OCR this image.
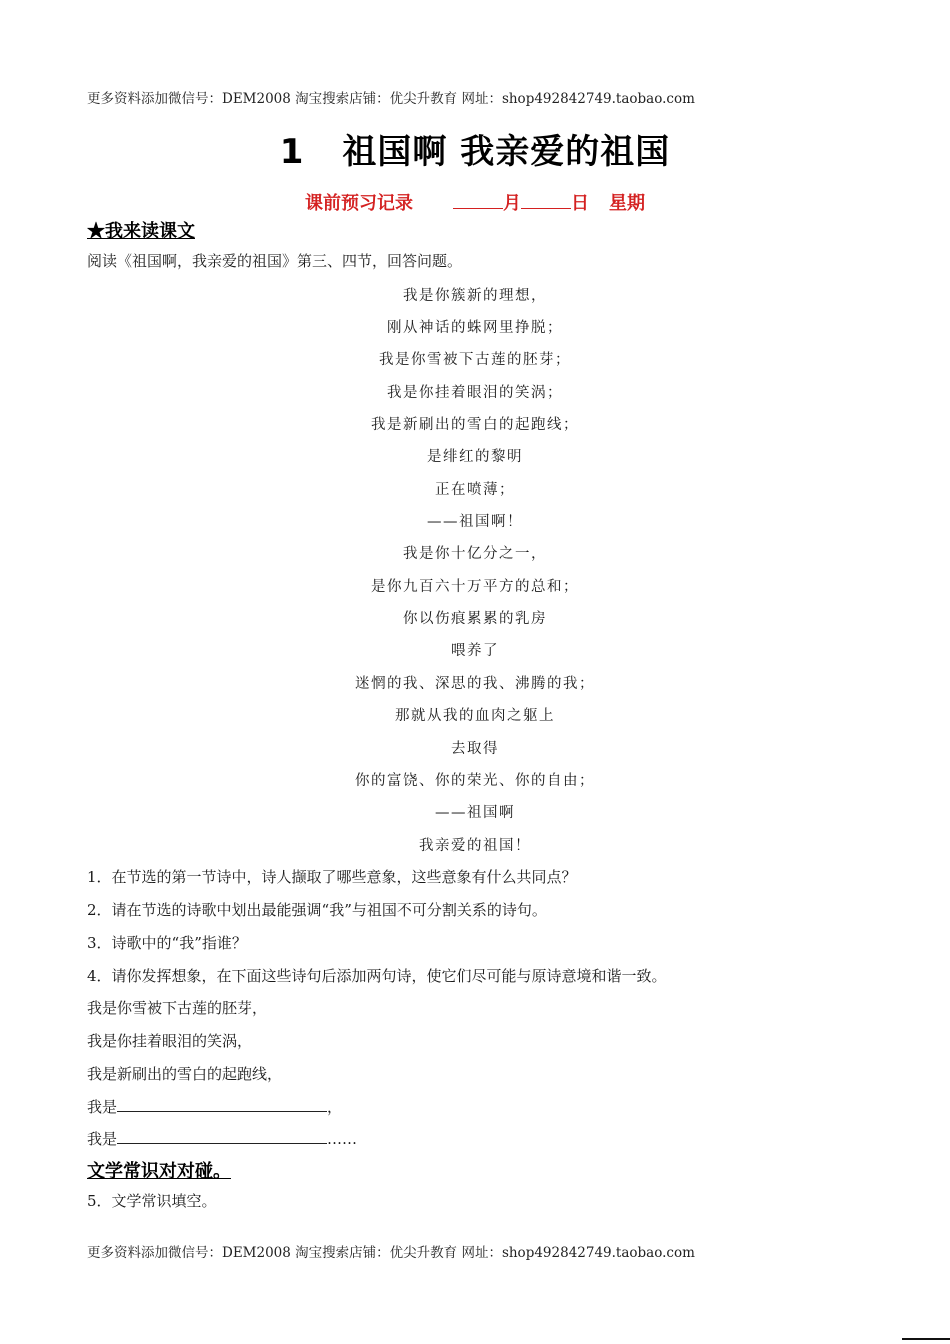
更多资料添加微信号：DEM2008 淘宝搜索店铺：优尖升教育 网址：shop492842749.taobao.com
1 祖国啊 我亲爱的祖国
课前预习记录	月	日 星期
★我来读课文
阅读《祖国啊，我亲爱的祖国》第三、四节，回答问题。
我是你簇新的理想，
刚从神话的蛛网里挣脱；
我是你雪被下古莲的胚芽；
我是你挂着眼泪的笑涡；
我是新刷出的雪白的起跑线；
是绯红的黎明
正在喷薄；
——祖国啊！
我是你十亿分之一，
是你九百六十万平方的总和；
你以伤痕累累的乳房
喂养了
迷惘的我、深思的我、沸腾的我；
那就从我的血肉之躯上
去取得
你的富饶、你的荣光、你的自由；
——祖国啊
我亲爱的祖国！
1．在节选的第一节诗中，诗人撷取了哪些意象，这些意象有什么共同点？
2．请在节选的诗歌中划出最能强调“我”与祖国不可分割关系的诗句。
3．诗歌中的“我”指谁？
4．请你发挥想象，在下面这些诗句后添加两句诗，使它们尽可能与原诗意境和谐一致。
我是你雪被下古莲的胚芽，
我是你挂着眼泪的笑涡，
我是新刷出的雪白的起跑线，
我是	，
我是	……
文学常识对对碰。
5．文学常识填空。
更多资料添加微信号：DEM2008 淘宝搜索店铺：优尖升教育 网址：shop492842749.taobao.com
